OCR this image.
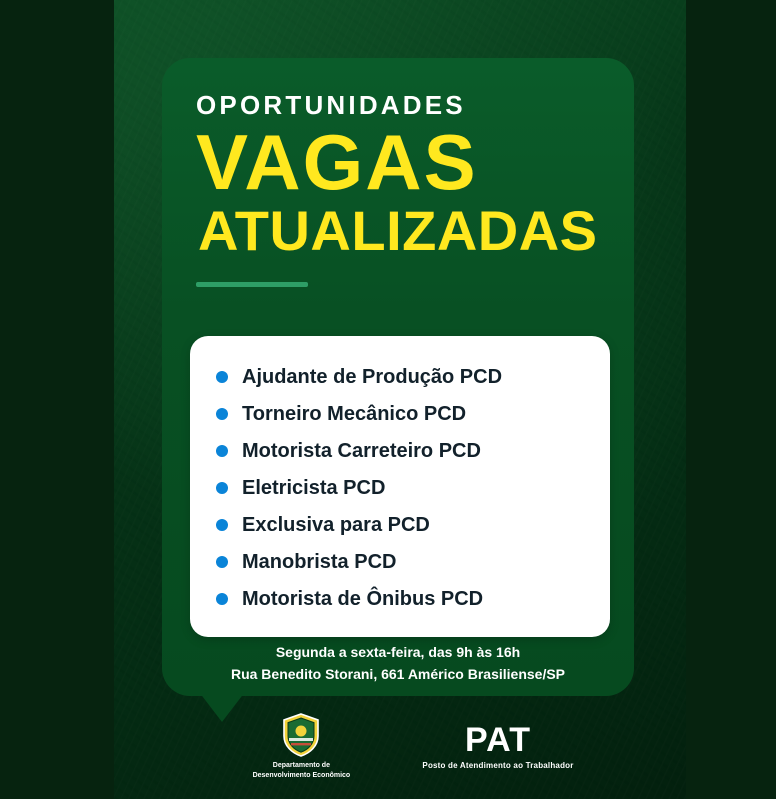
OPORTUNIDADES
VAGAS
ATUALIZADAS
Ajudante de Produção PCD
Torneiro Mecânico PCD
Motorista Carreteiro PCD
Eletricista PCD
Exclusiva para PCD
Manobrista PCD
Motorista de Ônibus PCD
Segunda a sexta-feira, das 9h às 16h
Rua Benedito Storani, 661 Américo Brasiliense/SP
Departamento de
Desenvolvimento Econômico
PAT
Posto de Atendimento ao Trabalhador
